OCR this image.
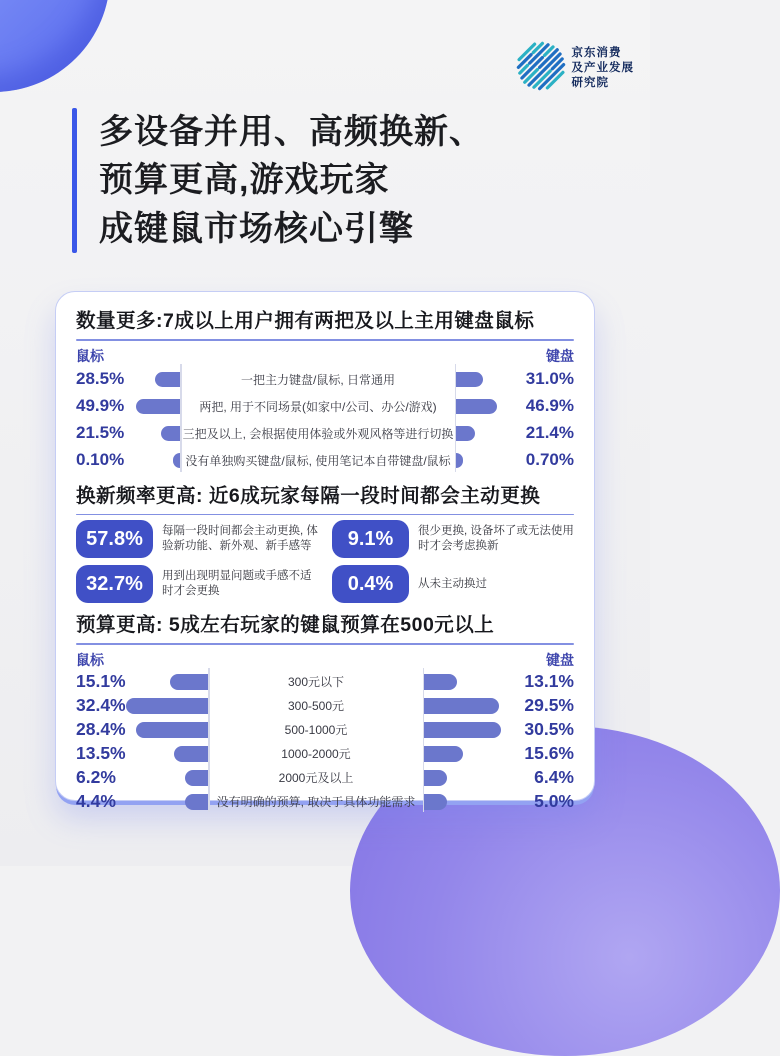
京东消费
及产业发展
研究院
多设备并用、高频换新、
预算更高,游戏玩家
成键鼠市场核心引擎
数量更多:7成以上用户拥有两把及以上主用键盘鼠标
鼠标	键盘
28.5%	一把主力键盘/鼠标, 日常通用	31.0%
49.9%	两把, 用于不同场景(如家中/公司、办公/游戏)	46.9%
21.5%	三把及以上, 会根据使用体验或外观风格等进行切换	21.4%
0.10%	没有单独购买键盘/鼠标, 使用笔记本自带键盘/鼠标	0.70%
换新频率更高: 近6成玩家每隔一段时间都会主动更换
57.8%	每隔一段时间都会主动更换, 体验新功能、新外观、新手感等	9.1%	很少更换, 设备坏了或无法使用时才会考虑换新
32.7%	用到出现明显问题或手感不适时才会更换	0.4%	从未主动换过
预算更高: 5成左右玩家的键鼠预算在500元以上
鼠标	键盘
15.1%	300元以下	13.1%
32.4%	300-500元	29.5%
28.4%	500-1000元	30.5%
13.5%	1000-2000元	15.6%
6.2%	2000元及以上	6.4%
4.4%	没有明确的预算, 取决于具体功能需求	5.0%
